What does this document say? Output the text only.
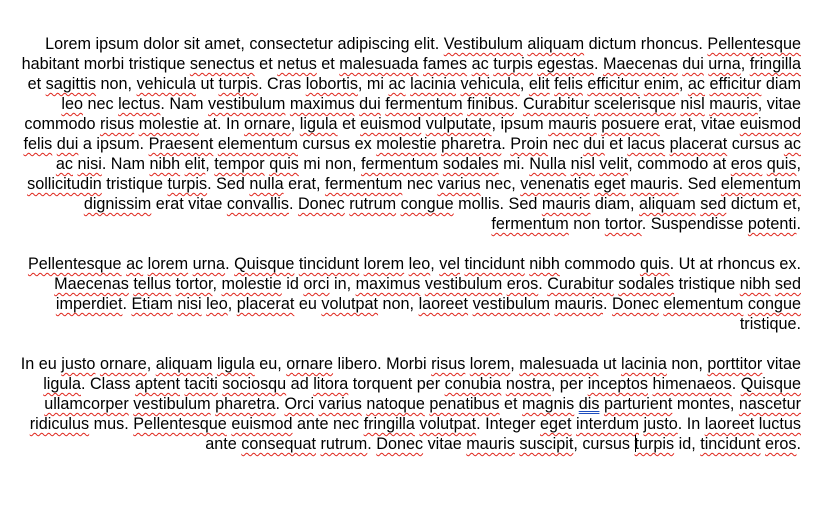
Lorem ipsum dolor sit amet, consectetur adipiscing elit. Vestibulum aliquam dictum rhoncus. Pellentesque habitant morbi tristique senectus et netus et malesuada fames ac turpis egestas. Maecenas dui urna, fringilla et sagittis non, vehicula ut turpis. Cras lobortis, mi ac lacinia vehicula, elit felis efficitur enim, ac efficitur diam leo nec lectus. Nam vestibulum maximus dui fermentum finibus. Curabitur scelerisque nisl mauris, vitae commodo risus molestie at. In ornare, ligula et euismod vulputate, ipsum mauris posuere erat, vitae euismod felis dui a ipsum. Praesent elementum cursus ex molestie pharetra. Proin nec dui et lacus placerat cursus ac ac nisi. Nam nibh elit, tempor quis mi non, fermentum sodales mi. Nulla nisl velit, commodo at eros quis, sollicitudin tristique turpis. Sed nulla erat, fermentum nec varius nec, venenatis eget mauris. Sed elementum dignissim erat vitae convallis. Donec rutrum congue mollis. Sed mauris diam, aliquam sed dictum et, fermentum non tortor. Suspendisse potenti.

Pellentesque ac lorem urna. Quisque tincidunt lorem leo, vel tincidunt nibh commodo quis. Ut at rhoncus ex. Maecenas tellus tortor, molestie id orci in, maximus vestibulum eros. Curabitur sodales tristique nibh sed imperdiet. Etiam nisi leo, placerat eu volutpat non, laoreet vestibulum mauris. Donec elementum congue tristique.

In eu justo ornare, aliquam ligula eu, ornare libero. Morbi risus lorem, malesuada ut lacinia non, porttitor vitae ligula. Class aptent taciti sociosqu ad litora torquent per conubia nostra, per inceptos himenaeos. Quisque ullamcorper vestibulum pharetra. Orci varius natoque penatibus et magnis dis parturient montes, nascetur ridiculus mus. Pellentesque euismod ante nec fringilla volutpat. Integer eget interdum justo. In laoreet luctus ante consequat rutrum. Donec vitae mauris suscipit, cursus turpis id, tincidunt eros.
